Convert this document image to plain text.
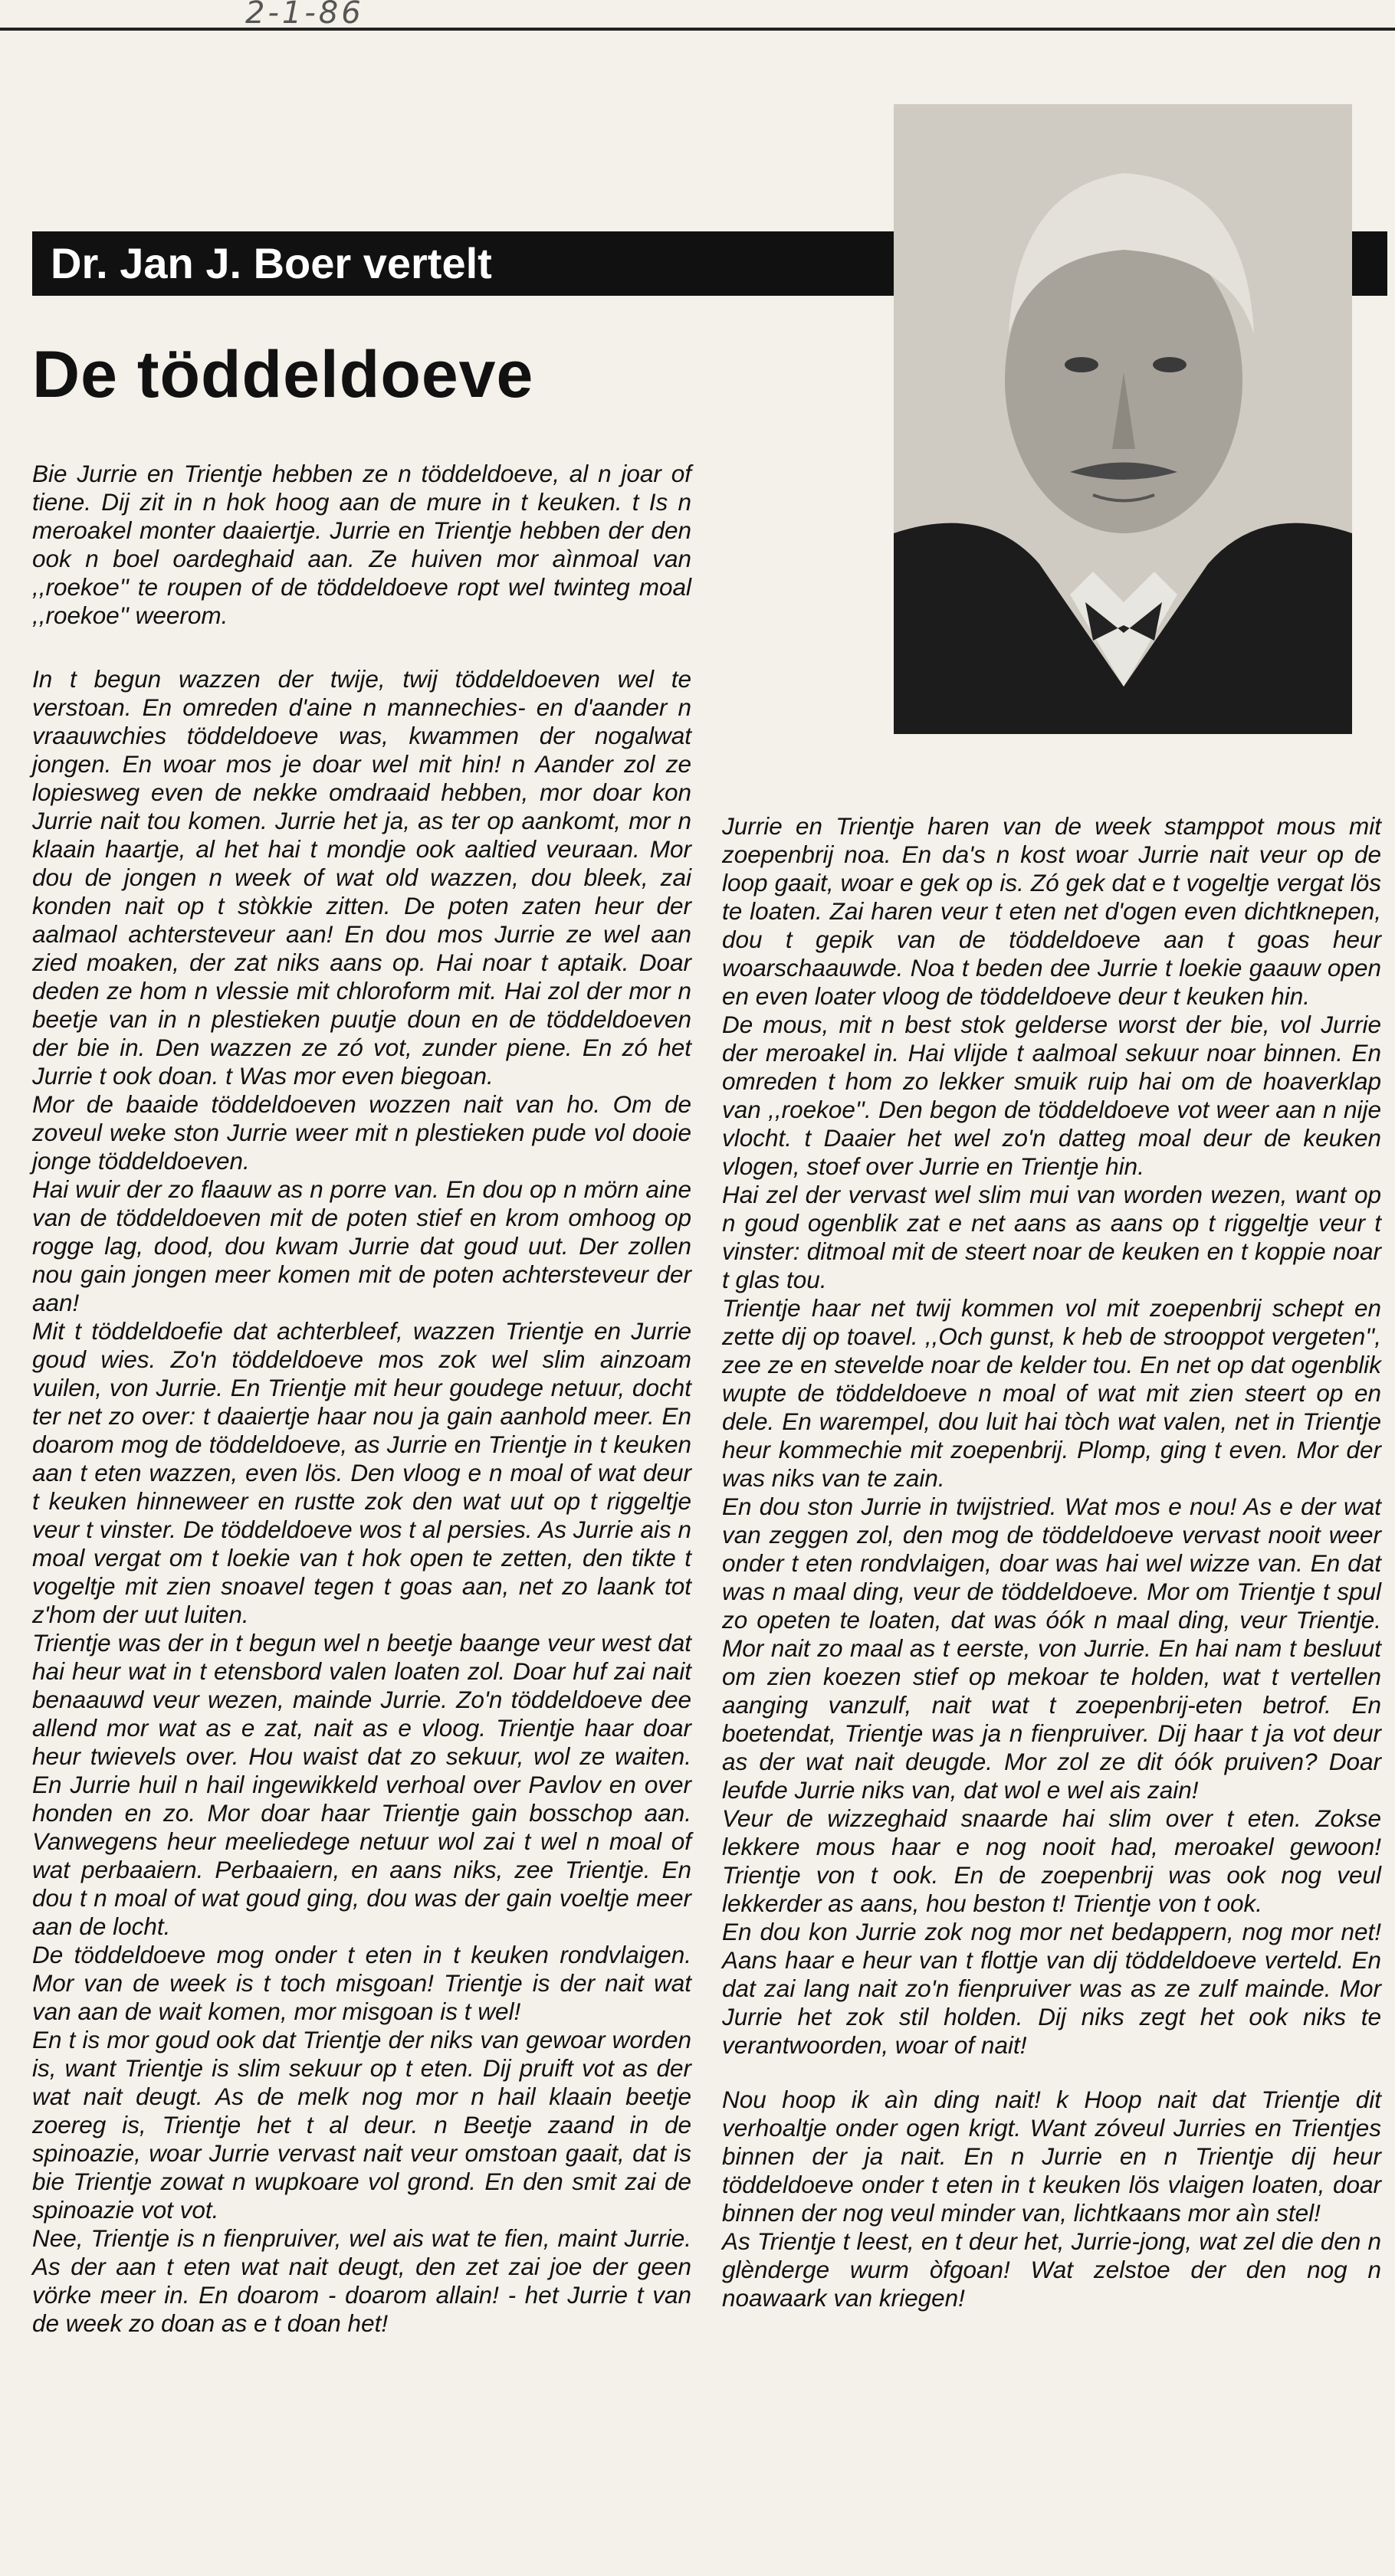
2-1-86
Dr. Jan J. Boer vertelt
De töddeldoeve

Bie Jurrie en Trientje hebben ze n töddeldoeve, al n joar of tiene. Dij zit in n hok hoog aan de mure in t keuken. t Is n meroakel monter daaiertje. Jurrie en Trientje hebben der den ook n boel oardeghaid aan. Ze huiven mor aìnmoal van ,,roekoe'' te roupen of de töddeldoeve ropt wel twinteg moal ,,roekoe'' weerom.

In t begun wazzen der twije, twij töddeldoeven wel te verstoan. En omreden d'aine n mannechies- en d'aander n vraauwchies töddeldoeve was, kwammen der nogalwat jongen. En woar mos je doar wel mit hin! n Aander zol ze lopiesweg even de nekke omdraaid hebben, mor doar kon Jurrie nait tou komen. Jurrie het ja, as ter op aankomt, mor n klaain haartje, al het hai t mondje ook aaltied veuraan. Mor dou de jongen n week of wat old wazzen, dou bleek, zai konden nait op t stòkkie zitten. De poten zaten heur der aalmaol achtersteveur aan! En dou mos Jurrie ze wel aan zied moaken, der zat niks aans op. Hai noar t aptaik. Doar deden ze hom n vlessie mit chloroform mit. Hai zol der mor n beetje van in n plestieken puutje doun en de töddeldoeven der bie in. Den wazzen ze zó vot, zunder piene. En zó het Jurrie t ook doan. t Was mor even biegoan.

Mor de baaide töddeldoeven wozzen nait van ho. Om de zoveul weke ston Jurrie weer mit n plestieken pude vol dooie jonge töddeldoeven.

Hai wuir der zo flaauw as n porre van. En dou op n mörn aine van de töddeldoeven mit de poten stief en krom omhoog op rogge lag, dood, dou kwam Jurrie dat goud uut. Der zollen nou gain jongen meer komen mit de poten achtersteveur der aan!

Mit t töddeldoefie dat achterbleef, wazzen Trientje en Jurrie goud wies. Zo'n töddeldoeve mos zok wel slim ainzoam vuilen, von Jurrie. En Trientje mit heur goudege netuur, docht ter net zo over: t daaiertje haar nou ja gain aanhold meer. En doarom mog de töddeldoeve, as Jurrie en Trientje in t keuken aan t eten wazzen, even lös. Den vloog e n moal of wat deur t keuken hinneweer en rustte zok den wat uut op t riggeltje veur t vinster. De töddeldoeve wos t al persies. As Jurrie ais n moal vergat om t loekie van t hok open te zetten, den tikte t vogeltje mit zien snoavel tegen t goas aan, net zo laank tot z'hom der uut luiten.

Trientje was der in t begun wel n beetje baange veur west dat hai heur wat in t etensbord valen loaten zol. Doar huf zai nait benaauwd veur wezen, mainde Jurrie. Zo'n töddeldoeve dee allend mor wat as e zat, nait as e vloog. Trientje haar doar heur twievels over. Hou waist dat zo sekuur, wol ze waiten. En Jurrie huil n hail ingewikkeld verhoal over Pavlov en over honden en zo. Mor doar haar Trientje gain bosschop aan. Vanwegens heur meeliedege netuur wol zai t wel n moal of wat perbaaiern. Perbaaiern, en aans niks, zee Trientje. En dou t n moal of wat goud ging, dou was der gain voeltje meer aan de locht.

De töddeldoeve mog onder t eten in t keuken rondvlaigen. Mor van de week is t toch misgoan! Trientje is der nait wat van aan de wait komen, mor misgoan is t wel!

En t is mor goud ook dat Trientje der niks van gewoar worden is, want Trientje is slim sekuur op t eten. Dij pruift vot as der wat nait deugt. As de melk nog mor n hail klaain beetje zoereg is, Trientje het t al deur. n Beetje zaand in de spinoazie, woar Jurrie vervast nait veur omstoan gaait, dat is bie Trientje zowat n wupkoare vol grond. En den smit zai de spinoazie vot vot.

Nee, Trientje is n fienpruiver, wel ais wat te fien, maint Jurrie. As der aan t eten wat nait deugt, den zet zai joe der geen vörke meer in. En doarom - doarom allain! - het Jurrie t van de week zo doan as e t doan het!

Jurrie en Trientje haren van de week stamppot mous mit zoepenbrij noa. En da's n kost woar Jurrie nait veur op de loop gaait, woar e gek op is. Zó gek dat e t vogeltje vergat lös te loaten. Zai haren veur t eten net d'ogen even dichtknepen, dou t gepik van de töddeldoeve aan t goas heur woarschaauwde. Noa t beden dee Jurrie t loekie gaauw open en even loater vloog de töddeldoeve deur t keuken hin.

De mous, mit n best stok gelderse worst der bie, vol Jurrie der meroakel in. Hai vlijde t aalmoal sekuur noar binnen. En omreden t hom zo lekker smuik ruip hai om de hoaverklap van ,,roekoe''. Den begon de töddeldoeve vot weer aan n nije vlocht. t Daaier het wel zo'n datteg moal deur de keuken vlogen, stoef over Jurrie en Trientje hin.

Hai zel der vervast wel slim mui van worden wezen, want op n goud ogenblik zat e net aans as aans op t riggeltje veur t vinster: ditmoal mit de steert noar de keuken en t koppie noar t glas tou.

Trientje haar net twij kommen vol mit zoepenbrij schept en zette dij op toavel. ,,Och gunst, k heb de strooppot vergeten'', zee ze en stevelde noar de kelder tou. En net op dat ogenblik wupte de töddeldoeve n moal of wat mit zien steert op en dele. En warempel, dou luit hai tòch wat valen, net in Trientje heur kommechie mit zoepenbrij. Plomp, ging t even. Mor der was niks van te zain.

En dou ston Jurrie in twijstried. Wat mos e nou! As e der wat van zeggen zol, den mog de töddeldoeve vervast nooit weer onder t eten rondvlaigen, doar was hai wel wizze van. En dat was n maal ding, veur de töddeldoeve. Mor om Trientje t spul zo opeten te loaten, dat was óók n maal ding, veur Trientje. Mor nait zo maal as t eerste, von Jurrie. En hai nam t besluut om zien koezen stief op mekoar te holden, wat t vertellen aanging vanzulf, nait wat t zoepenbrij-eten betrof. En boetendat, Trientje was ja n fienpruiver. Dij haar t ja vot deur as der wat nait deugde. Mor zol ze dit óók pruiven? Doar leufde Jurrie niks van, dat wol e wel ais zain!

Veur de wizzeghaid snaarde hai slim over t eten. Zokse lekkere mous haar e nog nooit had, meroakel gewoon! Trientje von t ook. En de zoepenbrij was ook nog veul lekkerder as aans, hou beston t! Trientje von t ook.

En dou kon Jurrie zok nog mor net bedappern, nog mor net! Aans haar e heur van t flottje van dij töddeldoeve verteld. En dat zai lang nait zo'n fienpruiver was as ze zulf mainde. Mor Jurrie het zok stil holden. Dij niks zegt het ook niks te verantwoorden, woar of nait!

Nou hoop ik aìn ding nait! k Hoop nait dat Trientje dit verhoaltje onder ogen krigt. Want zóveul Jurries en Trientjes binnen der ja nait. En n Jurrie en n Trientje dij heur töddeldoeve onder t eten in t keuken lös vlaigen loaten, doar binnen der nog veul minder van, lichtkaans mor aìn stel!

As Trientje t leest, en t deur het, Jurrie-jong, wat zel die den n glènderge wurm òfgoan! Wat zelstoe der den nog n noawaark van kriegen!
